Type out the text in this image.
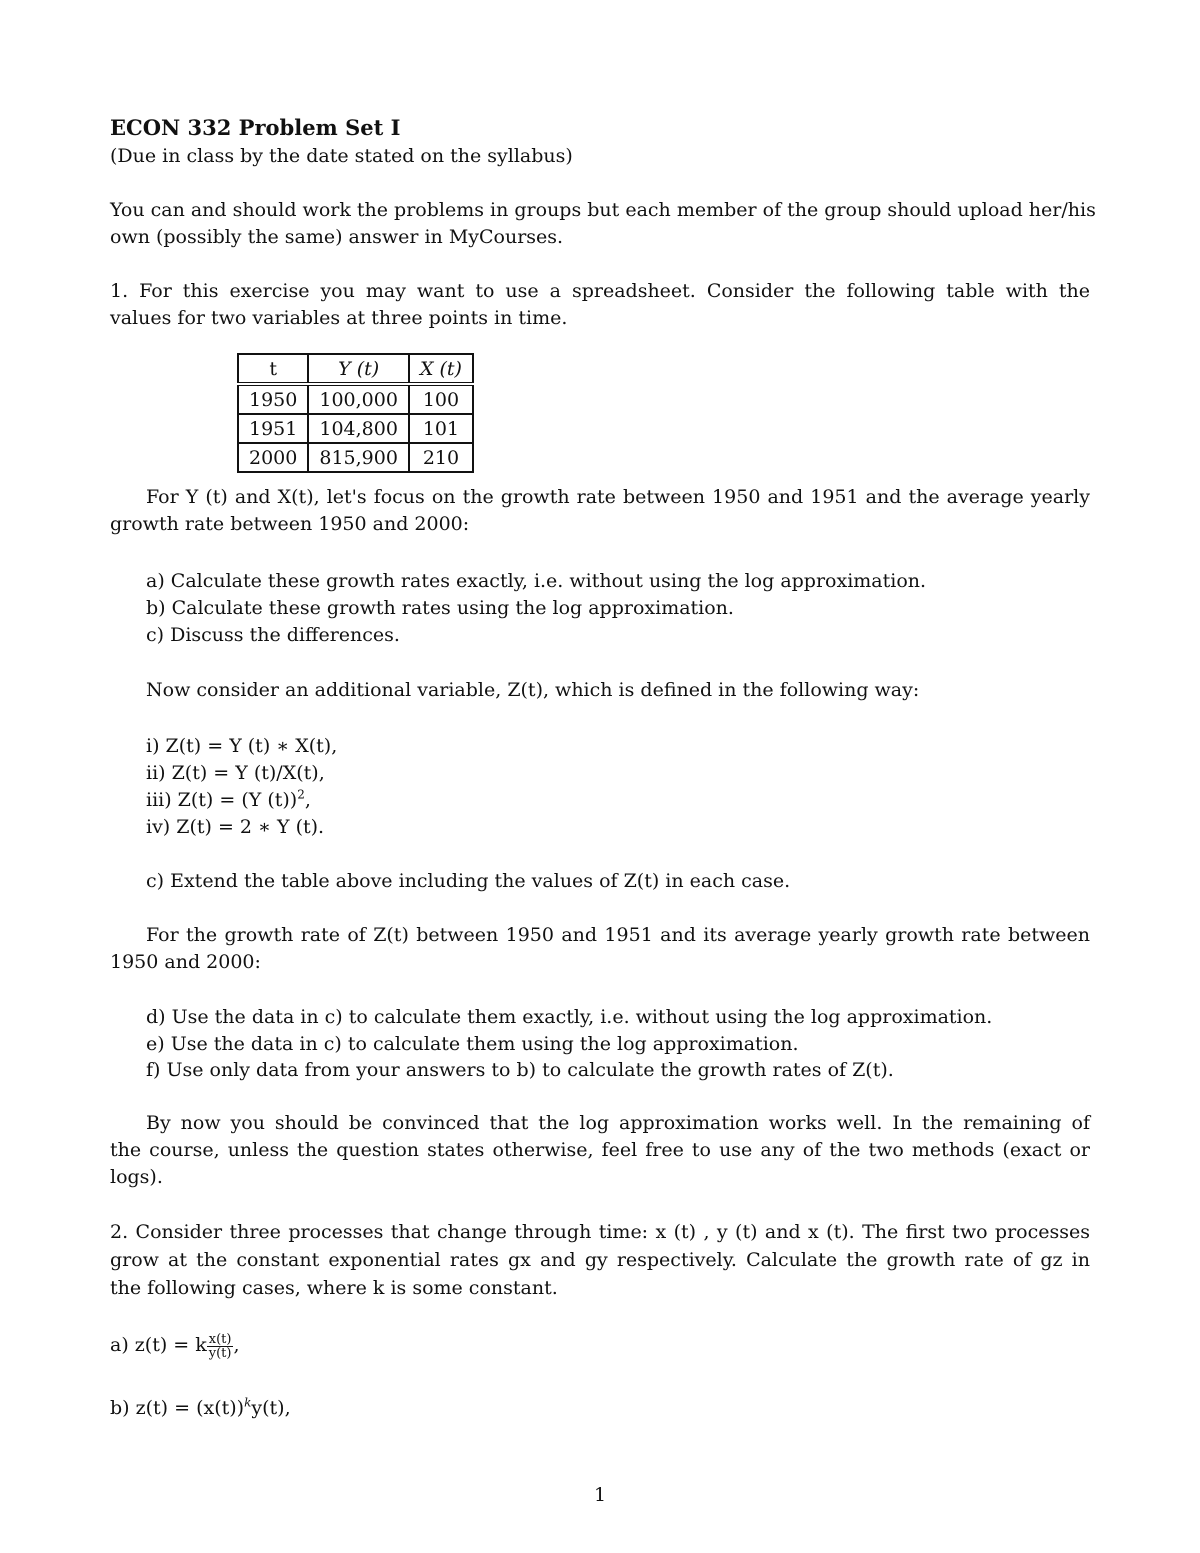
ECON 332 Problem Set I
(Due in class by the date stated on the syllabus)
You can and should work the problems in groups but each member of the group should upload her/his
own (possibly the same) answer in MyCourses.
1. For this exercise you may want to use a spreadsheet. Consider the following table with the
values for two variables at three points in time.
t	Y (t)	X (t)
1950	100,000	100
1951	104,800	101
2000	815,900	210
For Y (t) and X(t), let's focus on the growth rate between 1950 and 1951 and the average yearly
growth rate between 1950 and 2000:
a) Calculate these growth rates exactly, i.e. without using the log approximation.
b) Calculate these growth rates using the log approximation.
c) Discuss the differences.
Now consider an additional variable, Z(t), which is defined in the following way:
i) Z(t) = Y (t) ∗ X(t),
ii) Z(t) = Y (t)/X(t),
iii) Z(t) = (Y (t))$^2$,
iv) Z(t) = 2 ∗ Y (t).
c) Extend the table above including the values of Z(t) in each case.
For the growth rate of Z(t) between 1950 and 1951 and its average yearly growth rate between
1950 and 2000:
d) Use the data in c) to calculate them exactly, i.e. without using the log approximation.
e) Use the data in c) to calculate them using the log approximation.
f) Use only data from your answers to b) to calculate the growth rates of Z(t).
By now you should be convinced that the log approximation works well. In the remaining of
the course, unless the question states otherwise, feel free to use any of the two methods (exact or
logs).
2. Consider three processes that change through time: x (t) , y (t) and x (t). The first two processes
grow at the constant exponential rates gx and gy respectively. Calculate the growth rate of gz in
the following cases, where k is some constant.
a) z(t) = k $\frac{x(t)}{y(t)}$ ,
b) $z(t) = (x(t))^ky(t)$,
1
